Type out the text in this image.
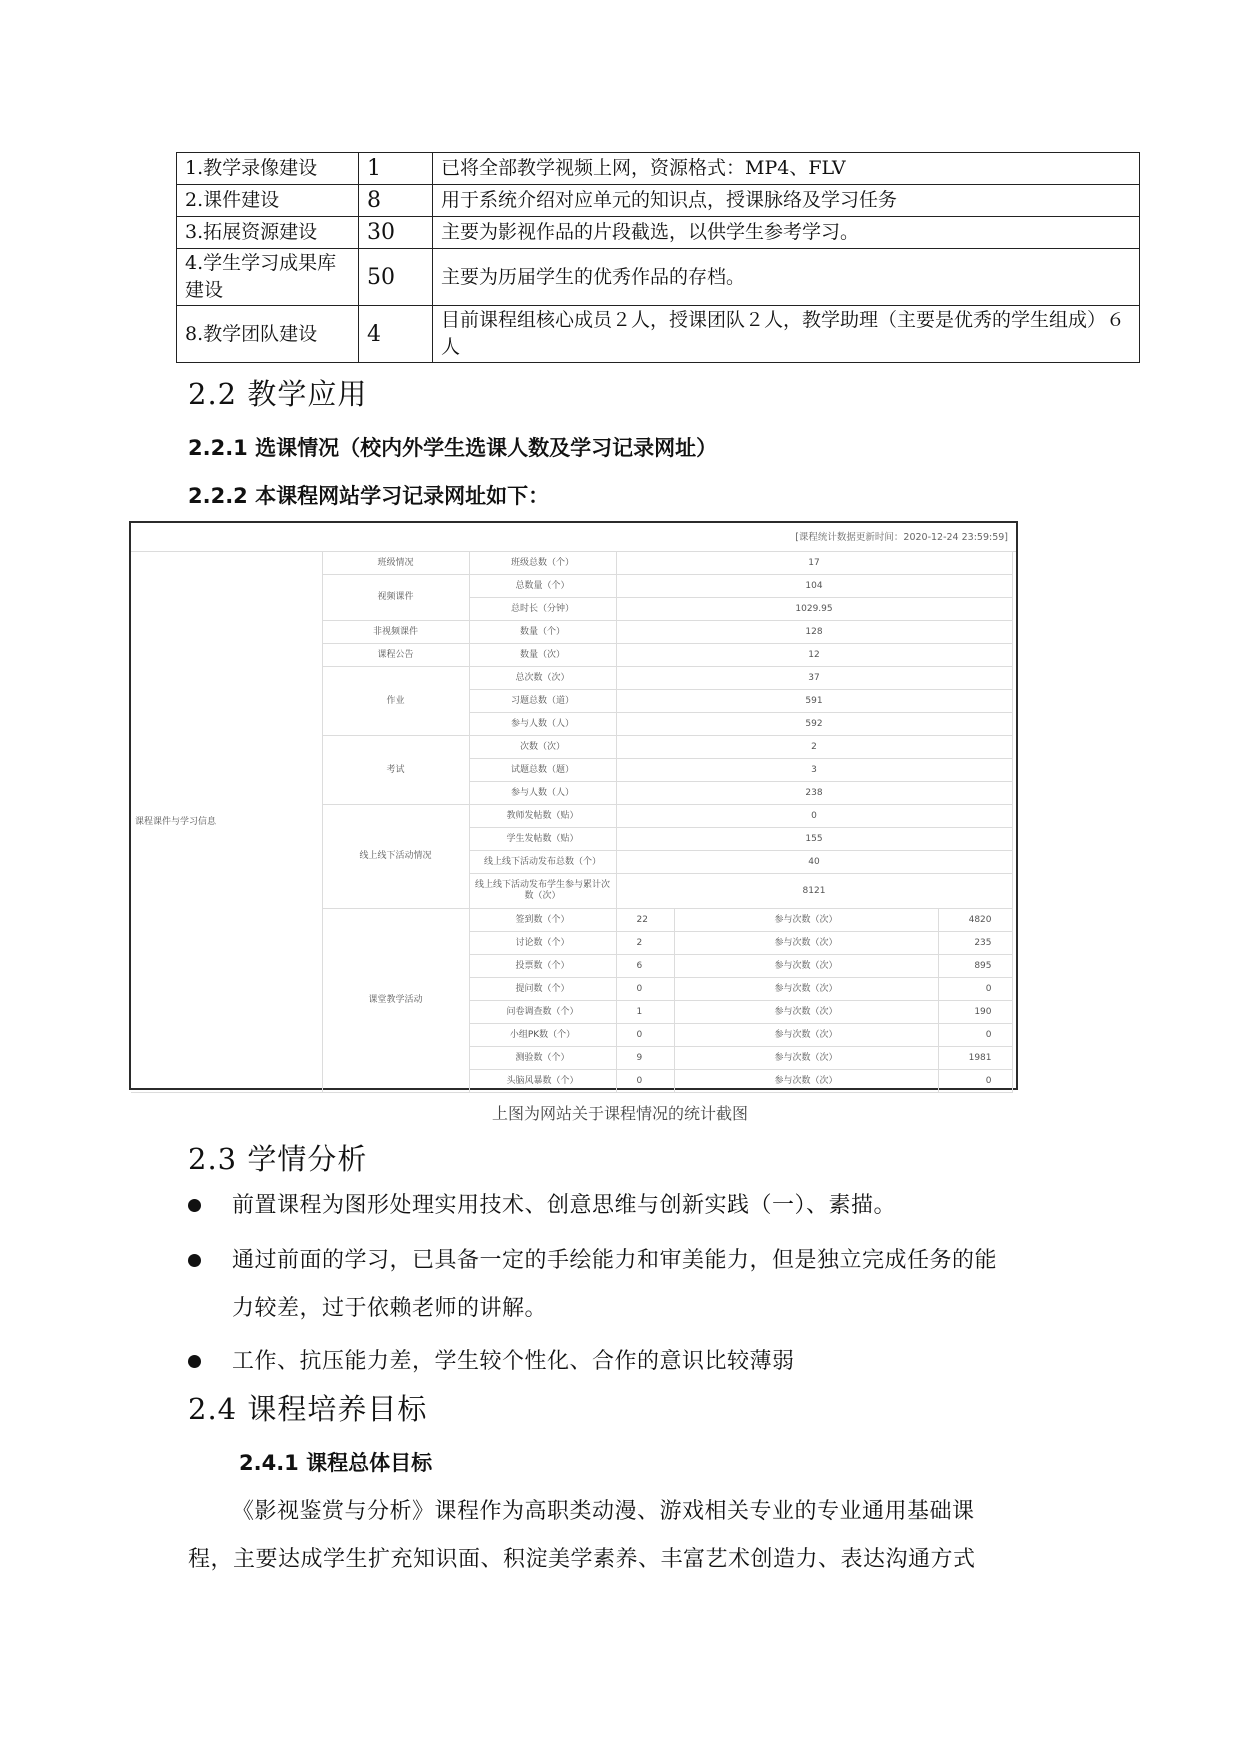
1.教学录像建设	1	已将全部教学视频上网，资源格式：MP4、FLV
2.课件建设	8	用于系统介绍对应单元的知识点，授课脉络及学习任务
3.拓展资源建设	30	主要为影视作品的片段截选，以供学生参考学习。
4.学生学习成果库建设	50	主要为历届学生的优秀作品的存档。
8.教学团队建设	4	目前课程组核心成员２人，授课团队２人，教学助理（主要是优秀的学生组成）６人
2.2 教学应用
2.2.1 选课情况（校内外学生选课人数及学习记录网址）
2.2.2 本课程网站学习记录网址如下：
[课程统计数据更新时间：2020-12-24 23:59:59]
课程课件与学习信息	班级情况	班级总数（个）	17		
	视频课件	总数量（个）	104		
		总时长（分钟）	1029.95		
	非视频课件	数量（个）	128		
	课程公告	数量（次）	12		
	作业	总次数（次）	37		
		习题总数（道）	591		
		参与人数（人）	592		
	考试	次数（次）	2		
		试题总数（题）	3		
		参与人数（人）	238		
	线上线下活动情况	教师发帖数（贴）	0		
		学生发帖数（贴）	155		
		线上线下活动发布总数（个）	40		
		线上线下活动发布学生参与累计次数（次）	8121		
	课堂教学活动	签到数（个）	22	参与次数（次）	4820
		讨论数（个）	2	参与次数（次）	235
		投票数（个）	6	参与次数（次）	895
		提问数（个）	0	参与次数（次）	0
		问卷调查数（个）	1	参与次数（次）	190
		小组PK数（个）	0	参与次数（次）	0
		测验数（个）	9	参与次数（次）	1981
		头脑风暴数（个）	0	参与次数（次）	0
上图为网站关于课程情况的统计截图
2.3 学情分析
前置课程为图形处理实用技术、创意思维与创新实践（一）、素描。
通过前面的学习，已具备一定的手绘能力和审美能力，但是独立完成任务的能
力较差，过于依赖老师的讲解。
工作、抗压能力差，学生较个性化、合作的意识比较薄弱
2.4 课程培养目标
2.4.1 课程总体目标
《影视鉴赏与分析》课程作为高职类动漫、游戏相关专业的专业通用基础课
程，主要达成学生扩充知识面、积淀美学素养、丰富艺术创造力、表达沟通方式
